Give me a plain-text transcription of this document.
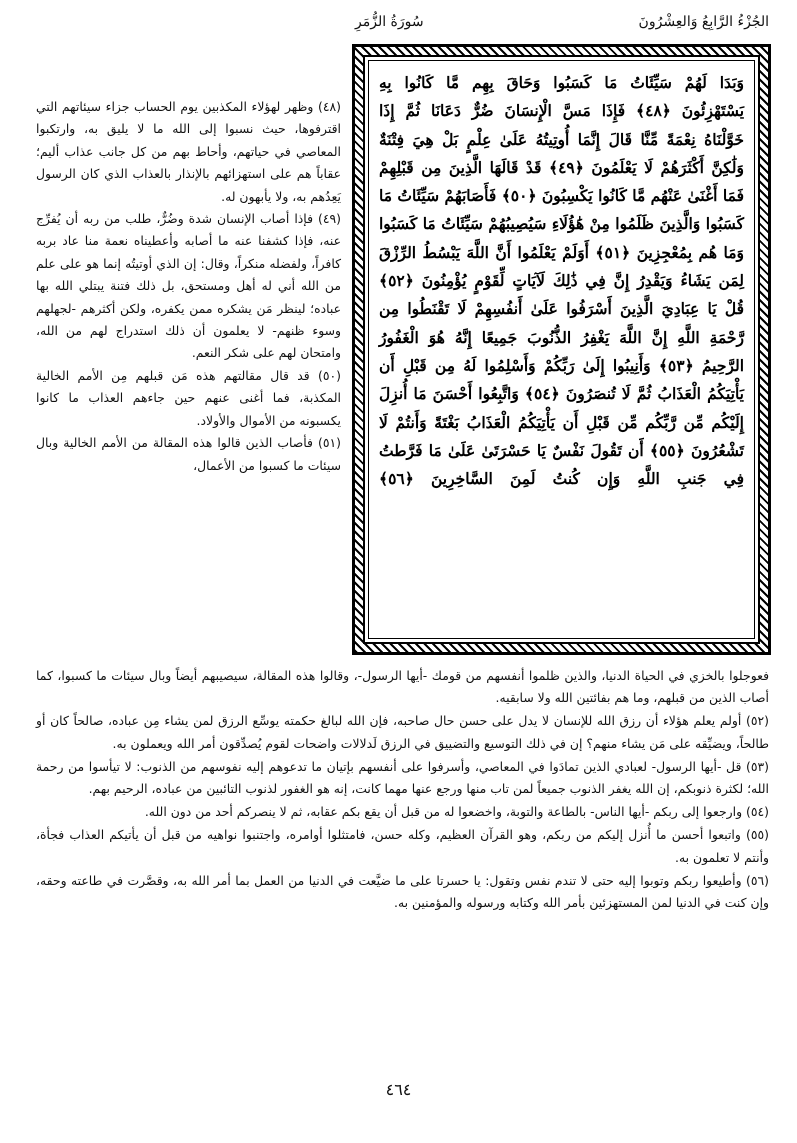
الجُزْءُ الرَّابِعُ وَالعِشْرُونَ
سُورَةُ الزُّمَرِ

وَبَدَا لَهُمْ سَيِّئَاتُ مَا كَسَبُوا وَحَاقَ بِهِم مَّا كَانُوا بِهِ يَسْتَهْزِئُونَ ﴿٤٨﴾ فَإِذَا مَسَّ الْإِنسَانَ ضُرٌّ دَعَانَا ثُمَّ إِذَا خَوَّلْنَاهُ نِعْمَةً مِّنَّا قَالَ إِنَّمَا أُوتِيتُهُ عَلَىٰ عِلْمٍ بَلْ هِيَ فِتْنَةٌ وَلَٰكِنَّ أَكْثَرَهُمْ لَا يَعْلَمُونَ ﴿٤٩﴾ قَدْ قَالَهَا الَّذِينَ مِن قَبْلِهِمْ فَمَا أَغْنَىٰ عَنْهُم مَّا كَانُوا يَكْسِبُونَ ﴿٥٠﴾ فَأَصَابَهُمْ سَيِّئَاتُ مَا كَسَبُوا وَالَّذِينَ ظَلَمُوا مِنْ هَٰؤُلَاءِ سَيُصِيبُهُمْ سَيِّئَاتُ مَا كَسَبُوا وَمَا هُم بِمُعْجِزِينَ ﴿٥١﴾ أَوَلَمْ يَعْلَمُوا أَنَّ اللَّهَ يَبْسُطُ الرِّزْقَ لِمَن يَشَاءُ وَيَقْدِرُ إِنَّ فِي ذَٰلِكَ لَآيَاتٍ لِّقَوْمٍ يُؤْمِنُونَ ﴿٥٢﴾ قُلْ يَا عِبَادِيَ الَّذِينَ أَسْرَفُوا عَلَىٰ أَنفُسِهِمْ لَا تَقْنَطُوا مِن رَّحْمَةِ اللَّهِ إِنَّ اللَّهَ يَغْفِرُ الذُّنُوبَ جَمِيعًا إِنَّهُ هُوَ الْغَفُورُ الرَّحِيمُ ﴿٥٣﴾ وَأَنِيبُوا إِلَىٰ رَبِّكُمْ وَأَسْلِمُوا لَهُ مِن قَبْلِ أَن يَأْتِيَكُمُ الْعَذَابُ ثُمَّ لَا تُنصَرُونَ ﴿٥٤﴾ وَاتَّبِعُوا أَحْسَنَ مَا أُنزِلَ إِلَيْكُم مِّن رَّبِّكُم مِّن قَبْلِ أَن يَأْتِيَكُمُ الْعَذَابُ بَغْتَةً وَأَنتُمْ لَا تَشْعُرُونَ ﴿٥٥﴾ أَن تَقُولَ نَفْسٌ يَا حَسْرَتَىٰ عَلَىٰ مَا فَرَّطتُ فِي جَنبِ اللَّهِ وَإِن كُنتُ لَمِنَ السَّاخِرِينَ ﴿٥٦﴾

(٤٨) وظهر لهؤلاء المكذبين يوم الحساب جزاء سيئاتهم التي اقترفوها، حيث نسبوا إلى الله ما لا يليق به، وارتكبوا المعاصي في حياتهم، وأحاط بهم من كل جانب عذاب أليم؛ عقاباً هم على استهزائهم بالإنذار بالعذاب الذي كان الرسول يَعِدُهم به، ولا يأبهون له.

(٤٩) فإذا أصاب الإنسان شدة وضُرٌّ، طلب من ربه أن يُفرِّج عنه، فإذا كشفنا عنه ما أصابه وأعطيناه نعمة منا عاد بربه كافراً، ولفضله منكراً، وقال: إن الذي أوتيتُه إنما هو على علم من الله أني له أهل ومستحق، بل ذلك فتنة يبتلي الله بها عباده؛ لينظر مَن يشكره ممن يكفره، ولكن أكثرهم -لجهلهم وسوء ظنهم- لا يعلمون أن ذلك استدراج لهم من الله، وامتحان لهم على شكر النعم.

(٥٠) قد قال مقالتهم هذه مَن قبلهم مِن الأمم الخالية المكذبة، فما أغنى عنهم حين جاءهم العذاب ما كانوا يكسبونه من الأموال والأولاد.

(٥١) فأصاب الذين قالوا هذه المقالة من الأمم الخالية وبال سيئات ما كسبوا من الأعمال،

فعوجلوا بالخزي في الحياة الدنيا، والذين ظلموا أنفسهم من قومك -أيها الرسول-، وقالوا هذه المقالة، سيصيبهم أيضاً وبال سيئات ما كسبوا، كما أصاب الذين من قبلهم، وما هم بفائتين الله ولا سابقيه.

(٥٢) أولم يعلم هؤلاء أن رزق الله للإنسان لا يدل على حسن حال صاحبه، فإن الله لبالغ حكمته يوسِّع الرزق لمن يشاء مِن عباده، صالحاً كان أو طالحاً، ويضيِّقه على مَن يشاء منهم؟ إن في ذلك التوسيع والتضييق في الرزق لَدلالات واضحات لقوم يُصدِّقون أمر الله ويعملون به.

(٥٣) قل -أيها الرسول- لعبادي الذين تمادَوا في المعاصي، وأسرفوا على أنفسهم بإتيان ما تدعوهم إليه نفوسهم من الذنوب: لا تيأسوا من رحمة الله؛ لكثرة ذنوبكم، إن الله يغفر الذنوب جميعاً لمن تاب منها ورجع عنها مهما كانت، إنه هو الغفور لذنوب التائبين من عباده، الرحيم بهم.

(٥٤) وارجعوا إلى ربكم -أيها الناس- بالطاعة والتوبة، واخضعوا له من قبل أن يقع بكم عقابه، ثم لا ينصركم أحد من دون الله.

(٥٥) واتبعوا أحسن ما أُنزل إليكم من ربكم، وهو القرآن العظيم، وكله حسن، فامتثلوا أوامره، واجتنبوا نواهيه من قبل أن يأتيكم العذاب فجأة، وأنتم لا تعلمون به.

(٥٦) وأطيعوا ربكم وتوبوا إليه حتى لا تندم نفس وتقول: يا حسرتا على ما ضيَّعت في الدنيا من العمل بما أمر الله به، وقصَّرت في طاعته وحقه، وإن كنت في الدنيا لمن المستهزئين بأمر الله وكتابه ورسوله والمؤمنين به.

٤٦٤
